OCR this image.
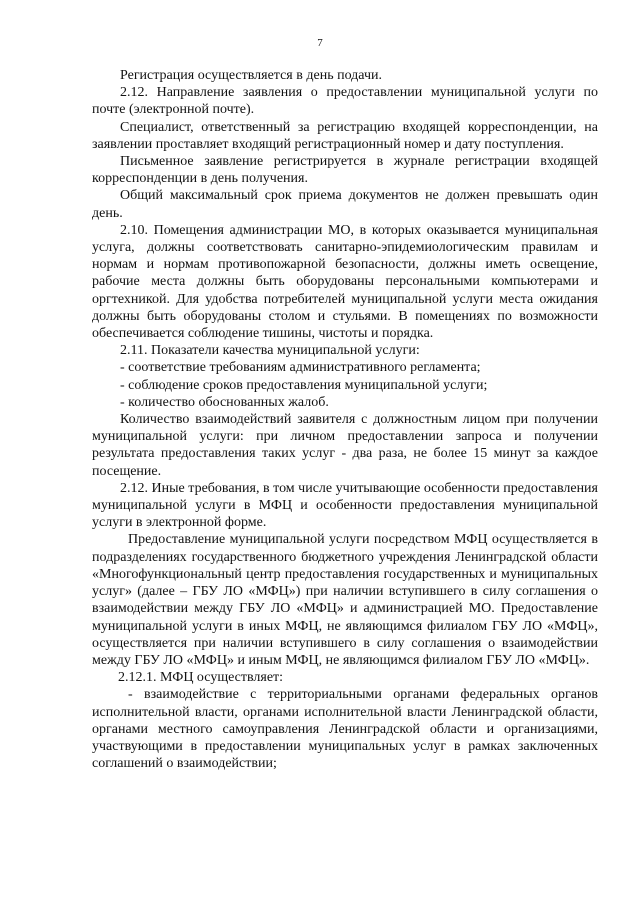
7

Регистрация осуществляется в день подачи.

2.12. Направление заявления о предоставлении муниципальной услуги по почте (электронной почте).

Специалист, ответственный за регистрацию входящей корреспонденции, на заявлении проставляет входящий регистрационный номер и дату поступления.

Письменное заявление регистрируется в журнале регистрации входящей корреспонденции в день получения.

Общий максимальный срок приема документов не должен превышать один день.

2.10. Помещения администрации МО, в которых оказывается муниципальная услуга, должны соответствовать санитарно-эпидемиологическим правилам и нормам и нормам противопожарной безопасности, должны иметь освещение, рабочие места должны быть оборудованы персональными компьютерами и оргтехникой. Для удобства потребителей муниципальной услуги места ожидания должны быть оборудованы столом и стульями. В помещениях по возможности обеспечивается соблюдение тишины, чистоты и порядка.

2.11. Показатели качества муниципальной услуги:

- соответствие требованиям административного регламента;

- соблюдение сроков предоставления муниципальной услуги;

- количество обоснованных жалоб.

Количество взаимодействий заявителя с должностным лицом при получении муниципальной услуги: при личном предоставлении запроса и получении результата предоставления таких услуг - два раза, не более 15 минут за каждое посещение.

2.12. Иные требования, в том числе учитывающие особенности предоставления муниципальной услуги в МФЦ и особенности предоставления муниципальной услуги в электронной форме.

Предоставление муниципальной услуги посредством МФЦ осуществляется в подразделениях государственного бюджетного учреждения Ленинградской области «Многофункциональный центр предоставления государственных и муниципальных услуг» (далее – ГБУ ЛО «МФЦ») при наличии вступившего в силу соглашения о взаимодействии между ГБУ ЛО «МФЦ» и администрацией МО. Предоставление муниципальной услуги в иных МФЦ, не являющимся филиалом ГБУ ЛО «МФЦ», осуществляется при наличии вступившего в силу соглашения о взаимодействии между ГБУ ЛО «МФЦ» и иным МФЦ, не являющимся филиалом ГБУ ЛО «МФЦ».

2.12.1. МФЦ осуществляет:

- взаимодействие с территориальными органами федеральных органов исполнительной власти, органами исполнительной власти Ленинградской области, органами местного самоуправления Ленинградской области и организациями, участвующими в предоставлении муниципальных услуг в рамках заключенных соглашений о взаимодействии;
